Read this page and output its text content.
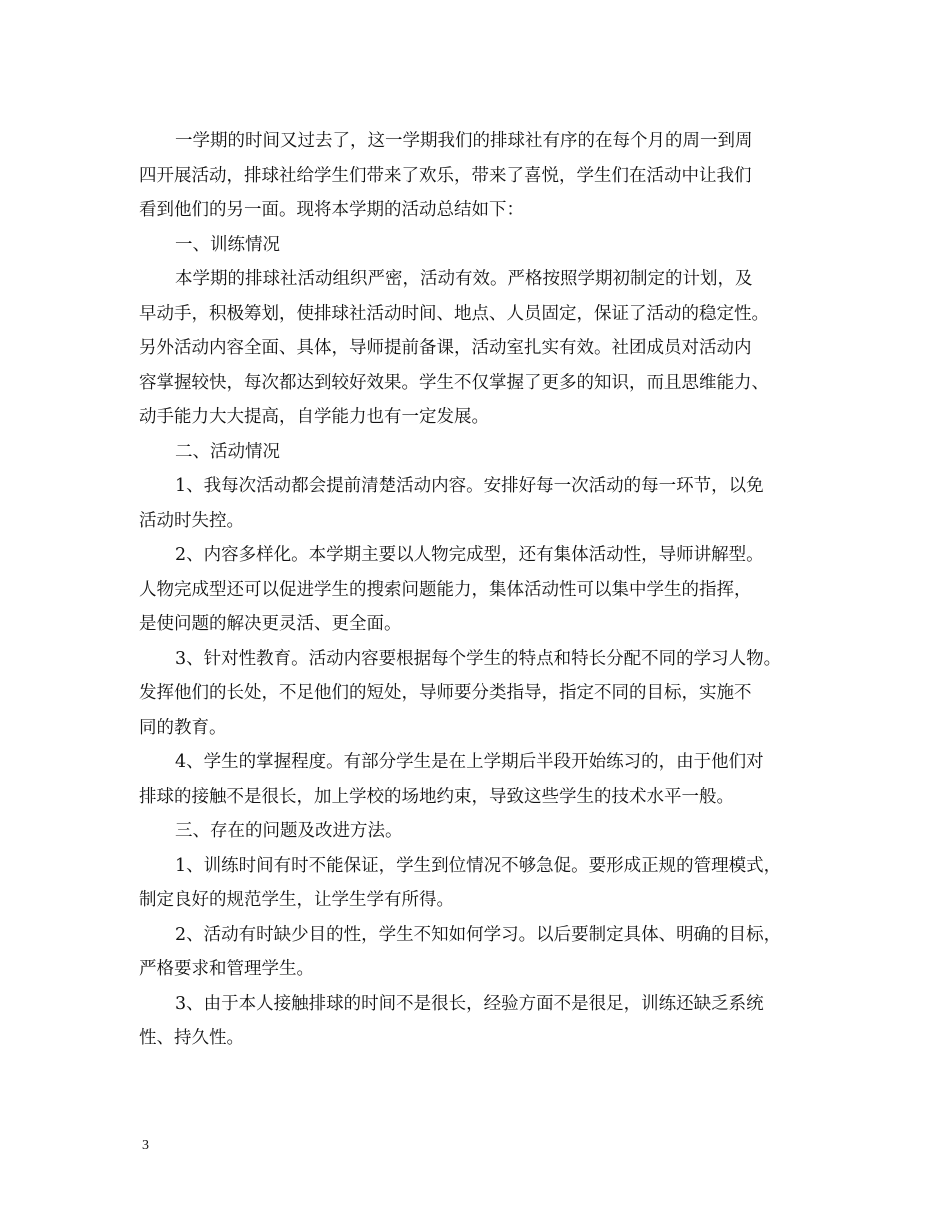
一学期的时间又过去了，这一学期我们的排球社有序的在每个月的周一到周
四开展活动，排球社给学生们带来了欢乐，带来了喜悦，学生们在活动中让我们
看到他们的另一面。现将本学期的活动总结如下：
一、训练情况
本学期的排球社活动组织严密，活动有效。严格按照学期初制定的计划，及
早动手，积极筹划，使排球社活动时间、地点、人员固定，保证了活动的稳定性。
另外活动内容全面、具体，导师提前备课，活动室扎实有效。社团成员对活动内
容掌握较快，每次都达到较好效果。学生不仅掌握了更多的知识，而且思维能力、
动手能力大大提高，自学能力也有一定发展。
二、活动情况
1、我每次活动都会提前清楚活动内容。安排好每一次活动的每一环节，以免
活动时失控。
2、内容多样化。本学期主要以人物完成型，还有集体活动性，导师讲解型。
人物完成型还可以促进学生的搜索问题能力，集体活动性可以集中学生的指挥，
是使问题的解决更灵活、更全面。
3、针对性教育。活动内容要根据每个学生的特点和特长分配不同的学习人物。
发挥他们的长处，不足他们的短处，导师要分类指导，指定不同的目标，实施不
同的教育。
4、学生的掌握程度。有部分学生是在上学期后半段开始练习的，由于他们对
排球的接触不是很长，加上学校的场地约束，导致这些学生的技术水平一般。
三、存在的问题及改进方法。
1、训练时间有时不能保证，学生到位情况不够急促。要形成正规的管理模式，
制定良好的规范学生，让学生学有所得。
2、活动有时缺少目的性，学生不知如何学习。以后要制定具体、明确的目标，
严格要求和管理学生。
3、由于本人接触排球的时间不是很长，经验方面不是很足，训练还缺乏系统
性、持久性。
3
